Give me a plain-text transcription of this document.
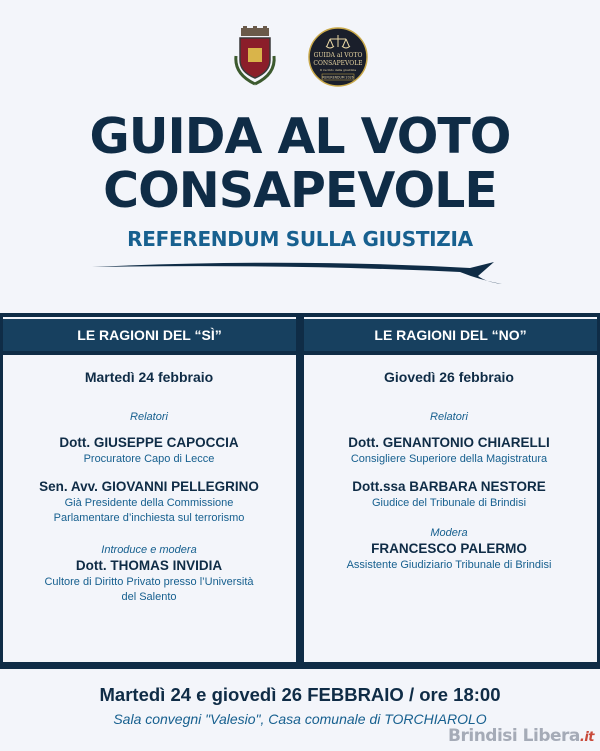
GUIDA al VOTO
CONSAPEVOLE
Il recinto della giustizia
REFERENDUM 2026
GUIDA AL VOTO
CONSAPEVOLE
REFERENDUM SULLA GIUSTIZIA
LE RAGIONI DEL “SÌ”	LE RAGIONI DEL “NO”
Martedì 24 febbraio
Relatori
Dott. GIUSEPPE CAPOCCIA
Procuratore Capo di Lecce
Sen. Avv. GIOVANNI PELLEGRINO
Già Presidente della Commissione
Parlamentare d’inchiesta sul terrorismo
Introduce e modera
Dott. THOMAS INVIDIA
Cultore di Diritto Privato presso l’Università
del Salento
Giovedì 26 febbraio
Relatori
Dott. GENANTONIO CHIARELLI
Consigliere Superiore della Magistratura
Dott.ssa BARBARA NESTORE
Giudice del Tribunale di Brindisi
Modera
FRANCESCO PALERMO
Assistente Giudiziario Tribunale di Brindisi
Martedì 24 e giovedì 26 FEBBRAIO / ore 18:00
Sala convegni "Valesio", Casa comunale di TORCHIAROLO
Brindisi Libera.it
